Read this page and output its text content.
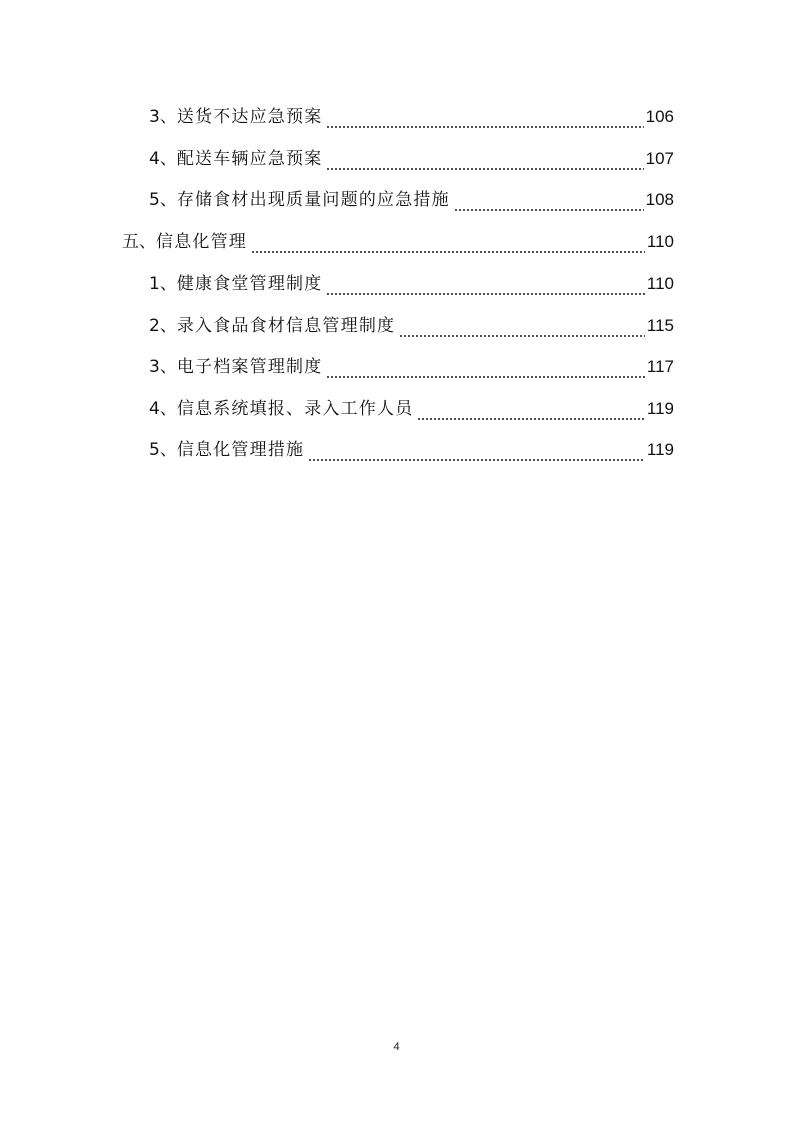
3、 送货不达应急预案	106
4、 配送车辆应急预案	107
5、 存储食材出现质量问题的应急措施	108
五、 信息化管理	110
1、 健康食堂管理制度	110
2、 录入食品食材信息管理制度	115
3、 电子档案管理制度	117
4、 信息系统填报、录入工作人员	119
5、 信息化管理措施	119
4
